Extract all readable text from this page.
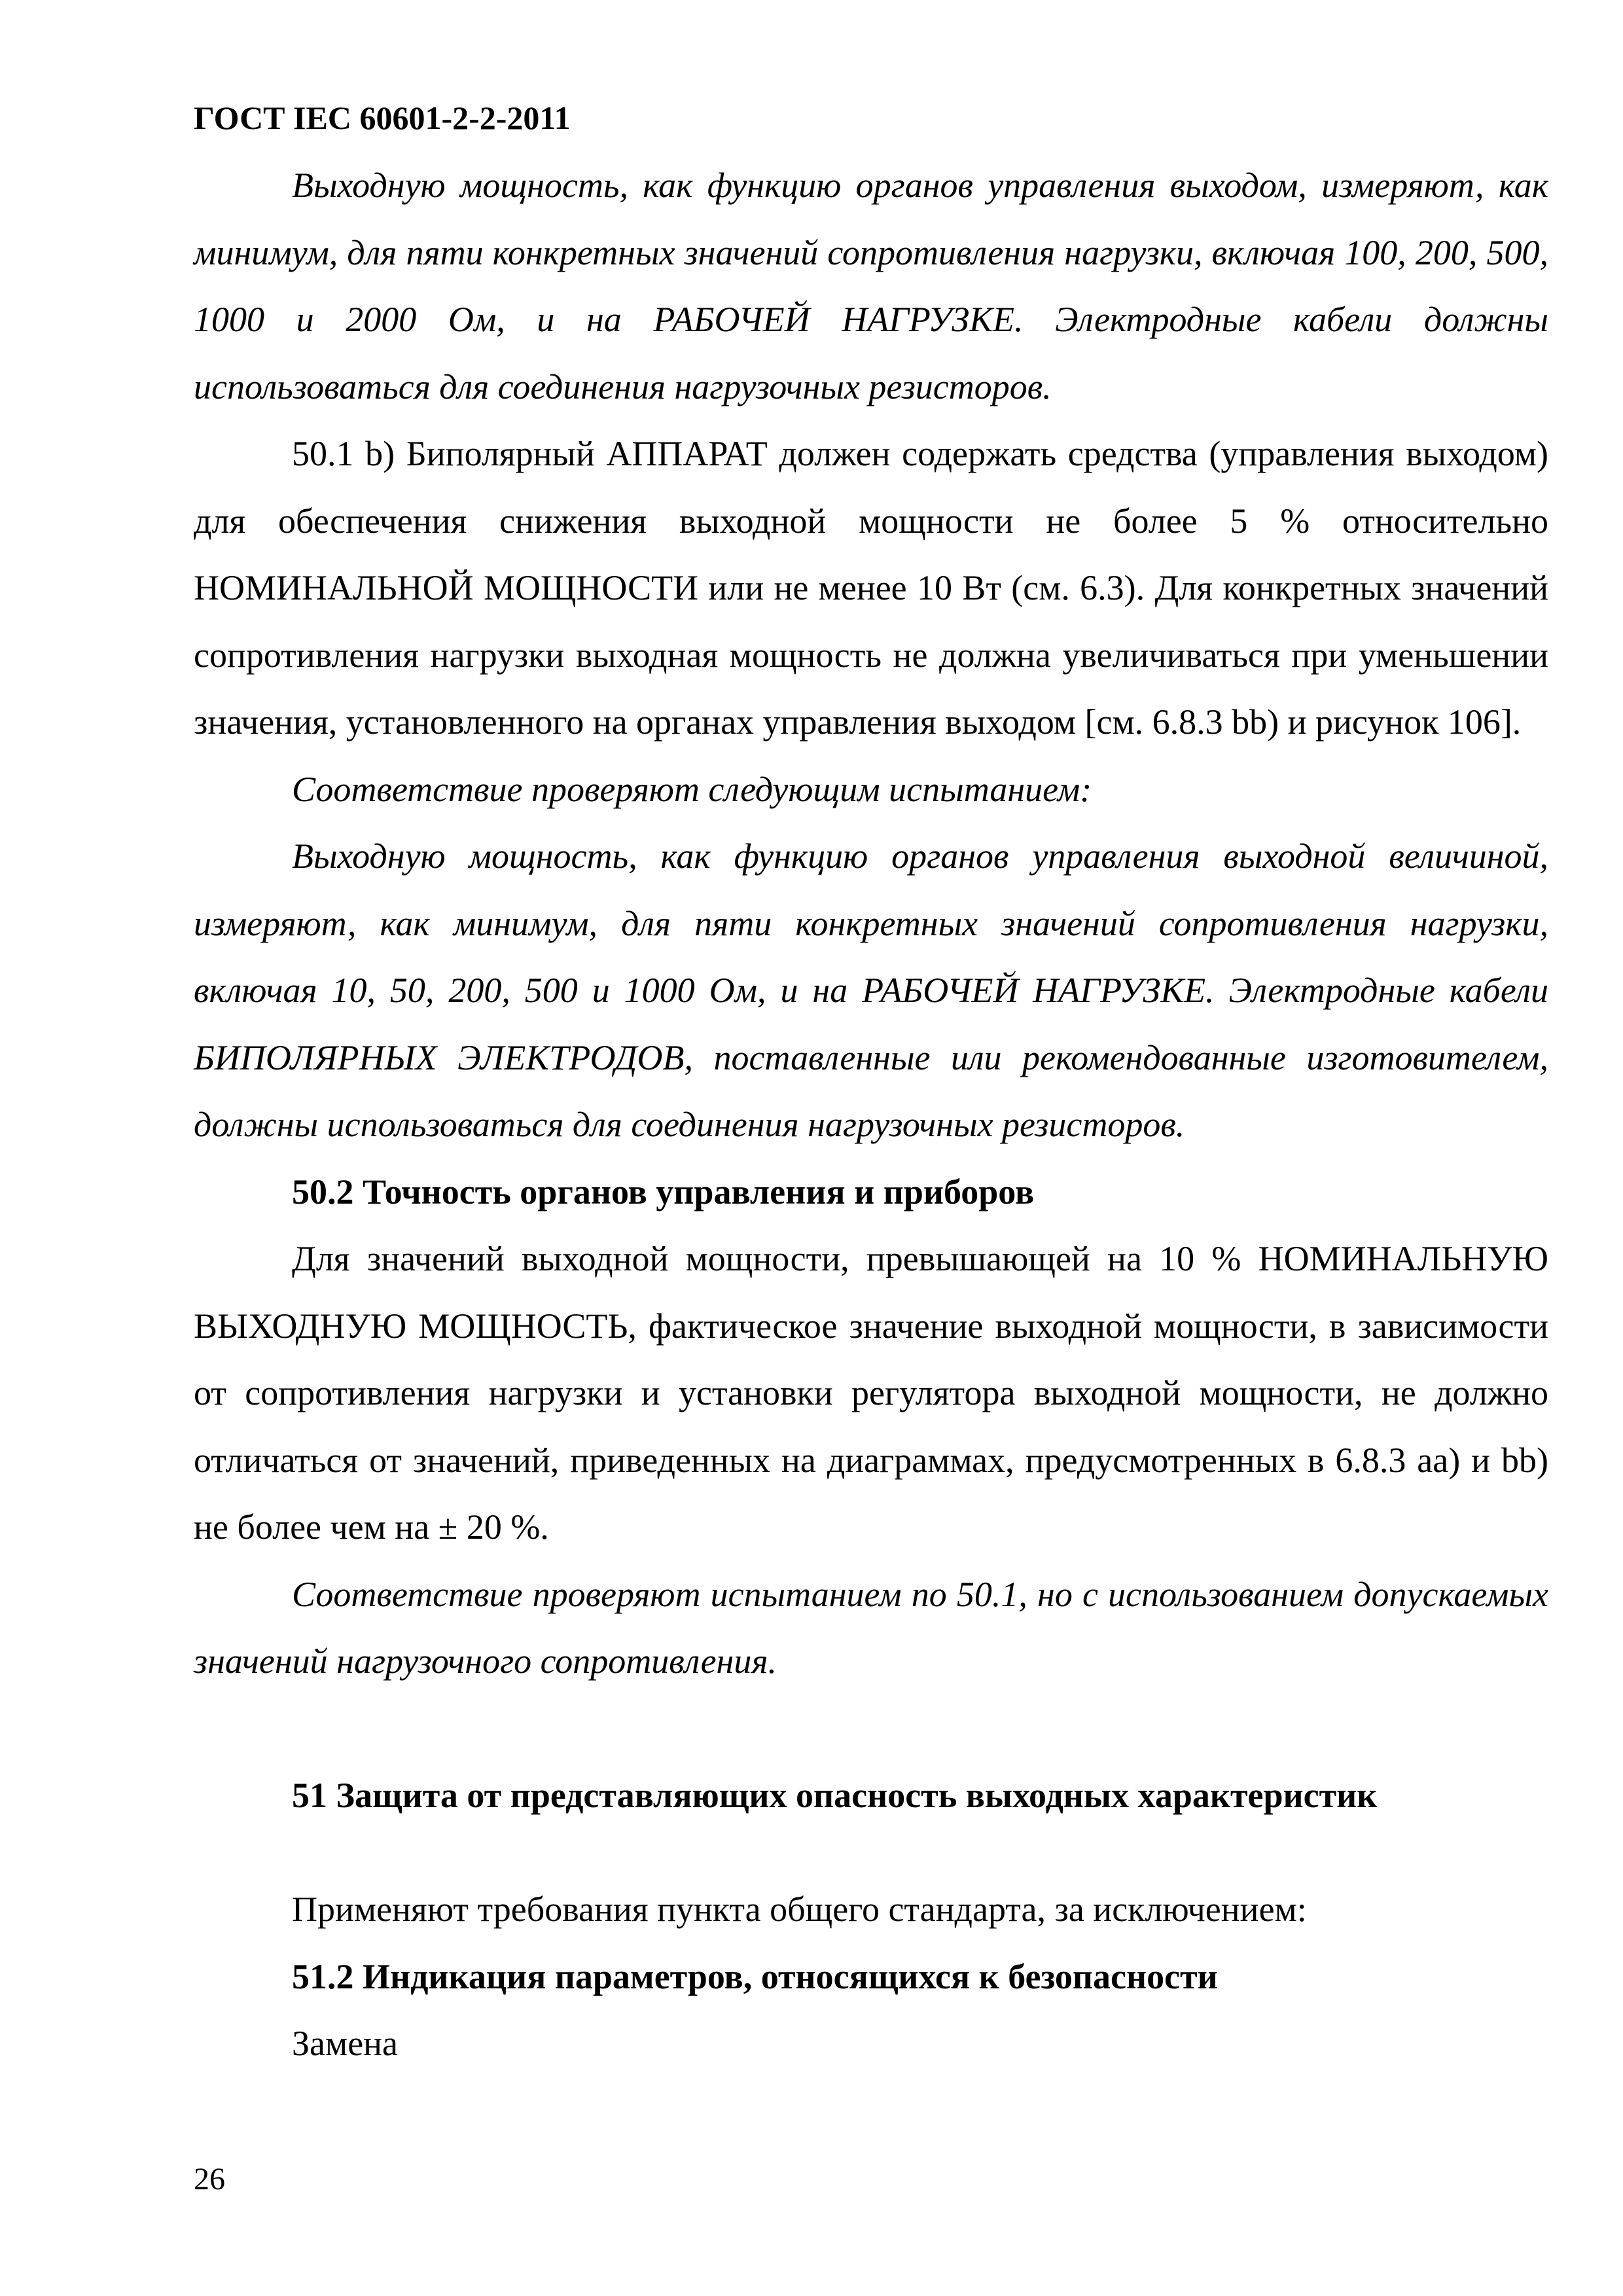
ГОСТ IEC 60601-2-2-2011

Выходную мощность, как функцию органов управления выходом, измеряют, как минимум, для пяти конкретных значений сопротивления нагрузки, включая 100, 200, 500, 1000 и 2000 Ом, и на РАБОЧЕЙ НАГРУЗКЕ. Электродные кабели должны использоваться для соединения нагрузочных резисторов.

50.1 b) Биполярный АППАРАТ должен содержать средства (управления выходом) для обеспечения снижения выходной мощности не более 5 % относительно НОМИНАЛЬНОЙ МОЩНОСТИ или не менее 10 Вт (см. 6.3). Для конкретных значений сопротивления нагрузки выходная мощность не должна увеличиваться при уменьшении значения, установленного на органах управления выходом [см. 6.8.3 bb) и рисунок 106].

Соответствие проверяют следующим испытанием:

Выходную мощность, как функцию органов управления выходной величиной, измеряют, как минимум, для пяти конкретных значений сопротивления нагрузки, включая 10, 50, 200, 500 и 1000 Ом, и на РАБОЧЕЙ НАГРУЗКЕ. Электродные кабели БИПОЛЯРНЫХ ЭЛЕКТРОДОВ, поставленные или рекомендованные изготовителем, должны использоваться для соединения нагрузочных резисторов.

50.2 Точность органов управления и приборов

Для значений выходной мощности, превышающей на 10 % НОМИНАЛЬНУЮ ВЫХОДНУЮ МОЩНОСТЬ, фактическое значение выходной мощности, в зависимости от сопротивления нагрузки и установки регулятора выходной мощности, не должно отличаться от значений, приведенных на диаграммах, предусмотренных в 6.8.3 аа) и bb) не более чем на ± 20 %.

Соответствие проверяют испытанием по 50.1, но с использованием допускаемых значений нагрузочного сопротивления.

51 Защита от представляющих опасность выходных характеристик

Применяют требования пункта общего стандарта, за исключением:

51.2 Индикация параметров, относящихся к безопасности

Замена

26
